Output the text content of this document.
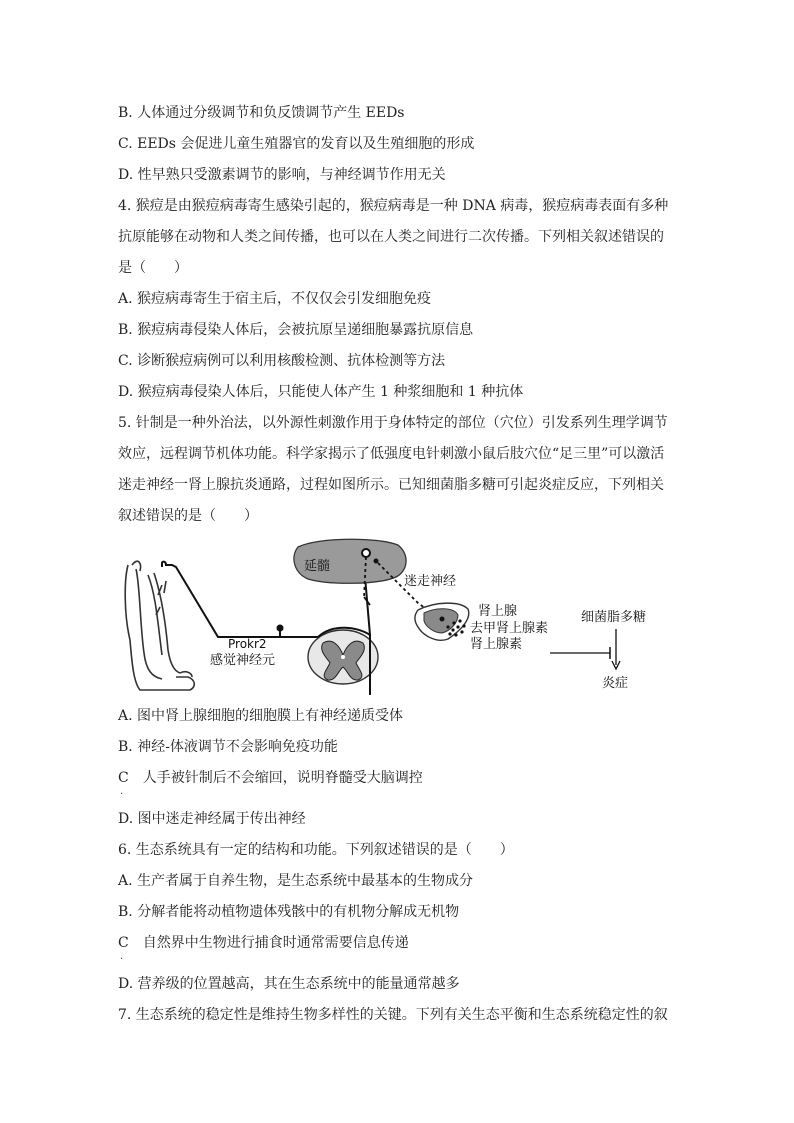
B. 人体通过分级调节和负反馈调节产生 EEDs
C. EEDs 会促进儿童生殖器官的发育以及生殖细胞的形成
D. 性早熟只受激素调节的影响，与神经调节作用无关
4. 猴痘是由猴痘病毒寄生感染引起的，猴痘病毒是一种 DNA 病毒，猴痘病毒表面有多种
抗原能够在动物和人类之间传播，也可以在人类之间进行二次传播。下列相关叙述错误的
是（　　）
A. 猴痘病毒寄生于宿主后，不仅仅会引发细胞免疫
B. 猴痘病毒侵染人体后，会被抗原呈递细胞暴露抗原信息
C. 诊断猴痘病例可以利用核酸检测、抗体检测等方法
D. 猴痘病毒侵染人体后，只能使人体产生 1 种浆细胞和 1 种抗体
5. 针制是一种外治法，以外源性刺激作用于身体特定的部位（穴位）引发系列生理学调节
效应，远程调节机体功能。科学家揭示了低强度电针刺激小鼠后肢穴位“足三里”可以激活
迷走神经一肾上腺抗炎通路，过程如图所示。已知细菌脂多糖可引起炎症反应，下列相关
叙述错误的是（　　）
延髓
迷走神经
肾上腺
去甲肾上腺素
肾上腺素
细菌脂多糖
炎症
Prokr2
感觉神经元
A. 图中肾上腺细胞的细胞膜上有神经递质受体
B. 神经-体液调节不会影响免疫功能
C　人手被针制后不会缩回，说明脊髓受大脑调控
·
D. 图中迷走神经属于传出神经
6. 生态系统具有一定的结构和功能。下列叙述错误的是（　　）
A. 生产者属于自养生物，是生态系统中最基本的生物成分
B. 分解者能将动植物遗体残骸中的有机物分解成无机物
C　自然界中生物进行捕食时通常需要信息传递
·
D. 营养级的位置越高，其在生态系统中的能量通常越多
7. 生态系统的稳定性是维持生物多样性的关键。下列有关生态平衡和生态系统稳定性的叙
